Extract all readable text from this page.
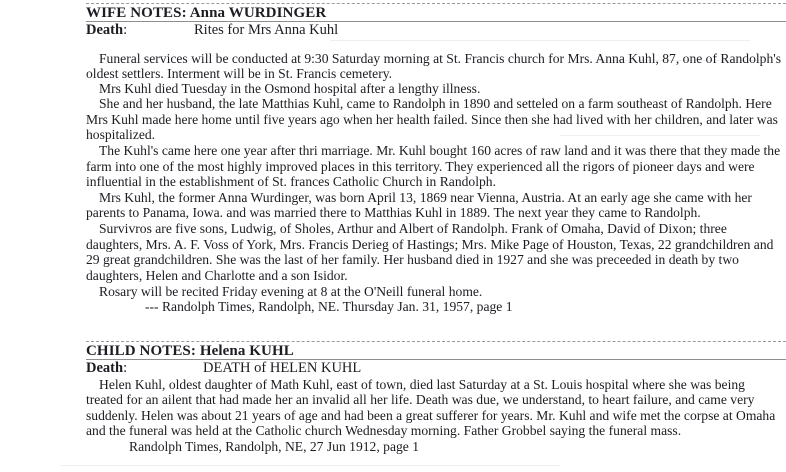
WIFE NOTES: Anna WURDINGER
Death:	Rites for Mrs Anna Kuhl
Funeral services will be conducted at 9:30 Saturday morning at St. Francis church for Mrs. Anna Kuhl, 87, one of Randolph's
oldest settlers. Interment will be in St. Francis cemetery.
Mrs Kuhl died Tuesday in the Osmond hospital after a lengthy illness.
She and her husband, the late Matthias Kuhl, came to Randolph in 1890 and setteled on a farm southeast of Randolph. Here
Mrs Kuhl made here home until five years ago when her health failed. Since then she had lived with her children, and later was
hospitalized.
The Kuhl's came here one year after thri marriage. Mr. Kuhl bought 160 acres of raw land and it was there that they made the
farm into one of the most highly improved places in this territory. They experienced all the rigors of pioneer days and were
influential in the establishment of St. frances Catholic Church in Randolph.
Mrs Kuhl, the former Anna Wurdinger, was born April 13, 1869 near Vienna, Austria. At an early age she came with her
parents to Panama, Iowa. and was married there to Matthias Kuhl in 1889. The next year they came to Randolph.
Survivros are five sons, Ludwig, of Sholes, Arthur and Albert of Randolph. Frank of Omaha, David of Dixon; three
daughters, Mrs. A. F. Voss of York, Mrs. Francis Derieg of Hastings; Mrs. Mike Page of Houston, Texas, 22 grandchildren and
29 great grandchildren. She was the last of her family. Her husband died in 1927 and she was preceeded in death by two
daughters, Helen and Charlotte and a son Isidor.
Rosary will be recited Friday evening at 8 at the O'Neill funeral home.
--- Randolph Times, Randolph, NE. Thursday Jan. 31, 1957, page 1
CHILD NOTES: Helena KUHL
Death:	DEATH of HELEN KUHL
Helen Kuhl, oldest daughter of Math Kuhl, east of town, died last Saturday at a St. Louis hospital where she was being
treated for an ailent that had made her an invalid all her life. Death was due, we understand, to heart failure, and came very
suddenly. Helen was about 21 years of age and had been a great sufferer for years. Mr. Kuhl and wife met the corpse at Omaha
and the funeral was held at the Catholic church Wednesday morning. Father Grobbel saying the funeral mass.
Randolph Times, Randolph, NE, 27 Jun 1912, page 1
